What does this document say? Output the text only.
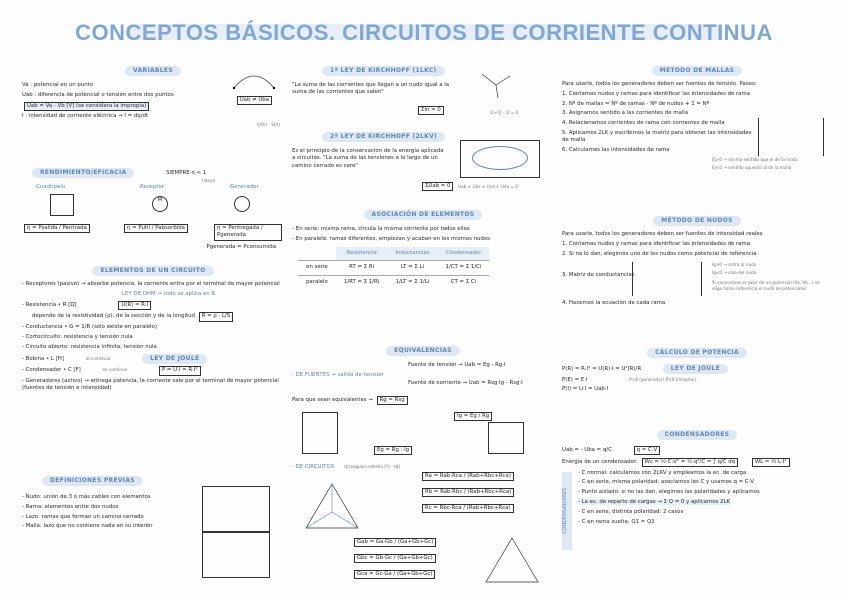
CONCEPTOS BÁSICOS. CIRCUITOS DE CORRIENTE CONTINUA
VARIABLES

Va : potencial en un punto

Uab : diferencia de potencial o tensión entre dos puntos

Uab = Va - Vb [V] (se considera la impropia)

I : intensidad de corriente eléctrica → I = dq/dt

Uab ≠ Uba
I(Ah) · S(A)
RENDIMIENTO/EFICACIA	SIEMPRE η < 1
(ideal)
Cuadripolo	Receptor	Generador
M
η = Psalida / Pentrada	η = Putil / Pabsorbida	η = Pentregada / Pgenerada

Pgenerada = Pconsumida

ELEMENTOS DE UN CIRCUITO

- Receptores (pasivo) → absorbe potencia, la corriente entra por el terminal de mayor potencial

LEY DE OHM → todo se aplica en R

- Resistencia • R [Ω]	U(R) = R·I

depende de la resistividad (ρ), de la sección y de la longitud R = ρ · L/S

- Conductancia • G = 1/R (sólo existe en paralelo)

- Cortocircuito: resistencia y tensión nula

- Circuito abierto: resistencia infinita, tensión nula

- Bobina • L [H]	en continua	LEY DE JOULE

- Condensador • C [F]	en continua	P = U·I = R·I²

- Generadores (activo) → entrega potencia, la corriente sale por el terminal de mayor potencial (fuentes de tensión e intensidad)

DEFINICIONES PREVIAS

- Nudo: unión de 3 o más cables con elementos

- Rama: elementos entre dos nudos

- Lazo: ramas que forman un camino cerrado

- Malla: lazo que no contiene nada en su interior

1ª LEY DE KIRCHHOFF (1LKC)

"La suma de las corrientes que llegan a un nudo igual a la suma de las corrientes que salen"

ΣIn = 0	I1+I2 - I3 = 0
2ª LEY DE KIRCHHOFF (2LKV)

Es el principio de la conservación de la energía aplicada a circuitos. "La suma de las tensiones a lo largo de un camino cerrado es cero"

ΣUab = 0	Uab + Ubc + Ucd + Uda = 0
ASOCIACIÓN DE ELEMENTOS

- En serie: misma rama, circula la misma corriente por todos ellos

- En paralelo: ramas diferentes, empiezan y acaban en los mismos nudos

	Resistencia	Inductancias	Condensador
en serie	RT = Σ Ri	LT = Σ Li	1/CT = Σ 1/Ci
paralelo	1/RT = Σ 1/Ri	1/LT = Σ 1/Li	CT = Σ Ci
EQUIVALENCIAS
- DE FUENTES → salida de tensión
Fuente de tensión → Uab = Eg - Rg·I
Fuente de corriente → Uab = Rsg·Ig - Rsg·I

Para que sean equivalentes → Rg = Rsg

Ig = Eg / Rg
Eg = Rg · Ig
- DE CIRCUITOS (triangulo) estrella (Y) · (Δ)
Ra = Rab·Rca / (Rab+Rbc+Rca)
Rb = Rab·Rbc / (Rab+Rbc+Rca)
Rc = Rbc·Rca / (Rab+Rbc+Rca)
Gab = Ga·Gb / (Ga+Gb+Gc)
Gbc = Gb·Gc / (Ga+Gb+Gc)
Gca = Gc·Ga / (Ga+Gb+Gc)
MÉTODO DE MALLAS

Para usarlo, todos los generadores deben ser fuentes de tensión. Pasos:

1. Contamos nudos y ramas para identificar las intensidades de rama

2. Nº de mallas = Nº de ramas - Nº de nudos + 1 = Nº

3. Asignamos sentido a las corrientes de malla

4. Relacionamos corrientes de rama con corrientes de malla

5. Aplicamos 2LK y escribimos la matriz para obtener las intensidades de malla

6. Calculamos las intensidades de rama

Ej>0 → mismo sentido que el de la malla

Ej<0 → sentido opuesto al de la malla

MÉTODO DE NUDOS

Para usarlo, todos los generadores deben ser fuentes de intensidad reales

1. Contamos nudos y ramas para identificar las intensidades de rama

2. Si no lo dan, elegimos uno de los nudos como potencial de referencia

3. Matriz de conductancias
Ig>0 → entra al nudo
Ig<0 → sale del nudo
Si conocemos el valor de un potencial (Va, Vb...) se elige como referencia el nudo de potenciales

4. Hacemos la ecuación de cada rama

CÁLCULO DE POTENCIA

P(R) = R·I² = U(R)·I = U²(R)/R	LEY DE JOULE

P(E) = E·I	P>0 (generador) P<0 (receptor)

P(I) = U·I = Uab·I

CONDENSADORES

Uab = - Uba = q/C	q = C·V

Energía de un condensador: Wc = ½·C·V² = ½·q²/C = ∫ q/C dq	WL = ½·L·I²

CONDENSADORES

- C normal: calculamos con 2LKV y empleamos la ec. de carga

- C en serie, misma polaridad: asociamos los C y usamos q = C·V

- Punto aislado: si no las dan, elegimos las polaridades y aplicamos

- La ec. de reparto de cargas → Σ Q = 0 y aplicamos 2LK

- C en serie, distinta polaridad: 2 casos

- C en rama suelta: Q1 = Q2
